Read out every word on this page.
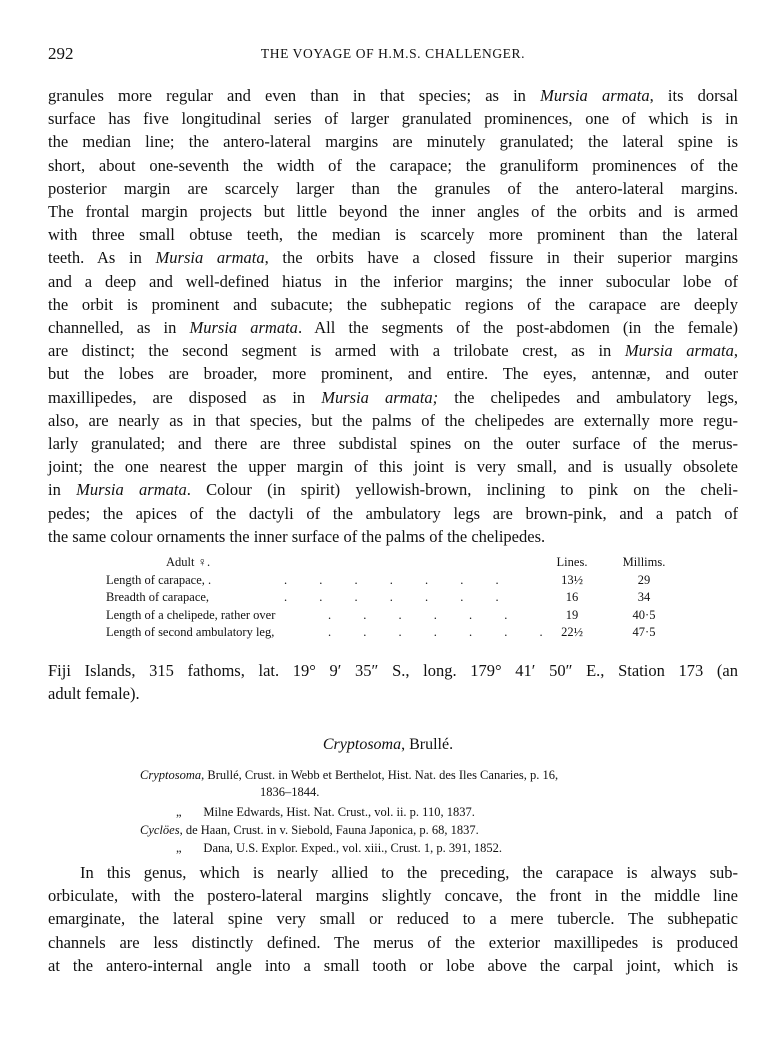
292	THE VOYAGE OF H.M.S. CHALLENGER.
granules more regular and even than in that species; as in Mursia armata, its dorsal
surface has five longitudinal series of larger granulated prominences, one of which is in
the median line; the antero-lateral margins are minutely granulated; the lateral spine is
short, about one-seventh the width of the carapace; the granuliform prominences of the
posterior margin are scarcely larger than the granules of the antero-lateral margins.
The frontal margin projects but little beyond the inner angles of the orbits and is armed
with three small obtuse teeth, the median is scarcely more prominent than the lateral
teeth. As in Mursia armata, the orbits have a closed fissure in their superior margins
and a deep and well-defined hiatus in the inferior margins; the inner subocular lobe of
the orbit is prominent and subacute; the subhepatic regions of the carapace are deeply
channelled, as in Mursia armata. All the segments of the post-abdomen (in the female)
are distinct; the second segment is armed with a trilobate crest, as in Mursia armata,
but the lobes are broader, more prominent, and entire. The eyes, antennæ, and outer
maxillipedes, are disposed as in Mursia armata; the chelipedes and ambulatory legs,
also, are nearly as in that species, but the palms of the chelipedes are externally more regu-
larly granulated; and there are three subdistal spines on the outer surface of the merus-
joint; the one nearest the upper margin of this joint is very small, and is usually obsolete
in Mursia armata. Colour (in spirit) yellowish-brown, inclining to pink on the cheli-
pedes; the apices of the dactyli of the ambulatory legs are brown-pink, and a patch of
the same colour ornaments the inner surface of the palms of the chelipedes.
Adult ♀.	Lines.	Millims.
Length of carapace, .	. . . . . . .	13½	29
Breadth of carapace,	. . . . . . .	16	34
Length of a chelipede, rather over	. . . . . .	19	40·5
Length of second ambulatory leg,	. . . . . . .	22½	47·5
Fiji Islands, 315 fathoms, lat. 19° 9′ 35″ S., long. 179° 41′ 50″ E., Station 173 (an
adult female).
Cryptosoma, Brullé.
Cryptosoma, Brullé, Crust. in Webb et Berthelot, Hist. Nat. des Iles Canaries, p. 16,
1836–1844.
„       Milne Edwards, Hist. Nat. Crust., vol. ii. p. 110, 1837.
Cyclöes, de Haan, Crust. in v. Siebold, Fauna Japonica, p. 68, 1837.
„       Dana, U.S. Explor. Exped., vol. xiii., Crust. 1, p. 391, 1852.
In this genus, which is nearly allied to the preceding, the carapace is always sub-
orbiculate, with the postero-lateral margins slightly concave, the front in the middle line
emarginate, the lateral spine very small or reduced to a mere tubercle. The subhepatic
channels are less distinctly defined. The merus of the exterior maxillipedes is produced
at the antero-internal angle into a small tooth or lobe above the carpal joint, which is
